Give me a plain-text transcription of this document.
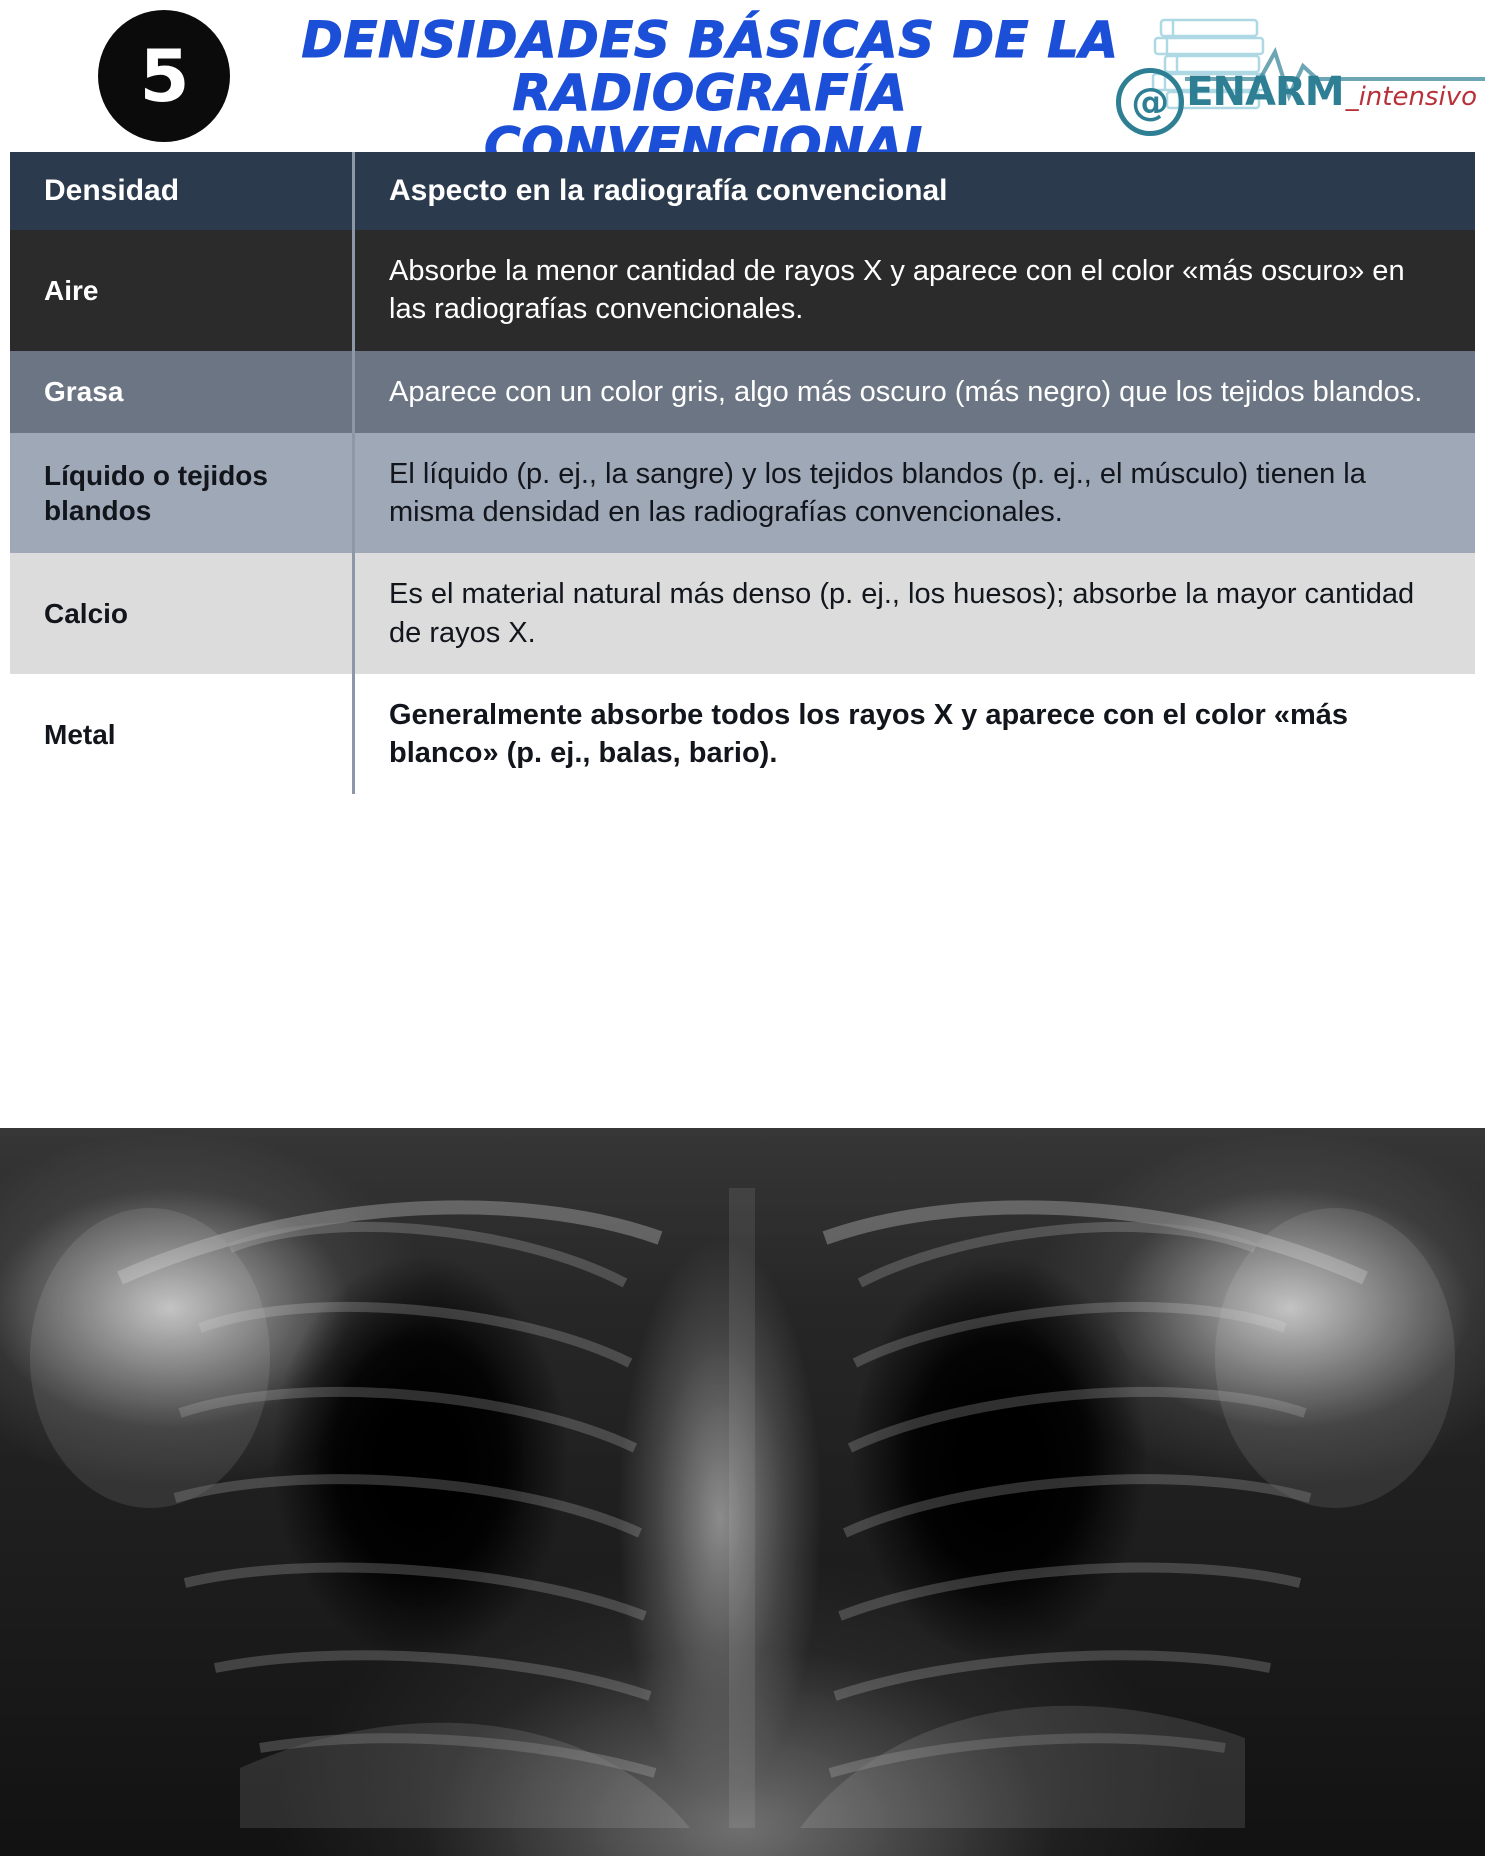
5	DENSIDADES BÁSICAS DE LA
RADIOGRAFÍA CONVENCIONAL
@ ENARM _intensivo
Densidad	Aspecto en la radiografía convencional
Aire	Absorbe la menor cantidad de rayos X y aparece con el color «más oscuro» en las radiografías convencionales.
Grasa	Aparece con un color gris, algo más oscuro (más negro) que los tejidos blandos.
Líquido o tejidos blandos	El líquido (p. ej., la sangre) y los tejidos blandos (p. ej., el músculo) tienen la misma densidad en las radiografías convencionales.
Calcio	Es el material natural más denso (p. ej., los huesos); absorbe la mayor cantidad de rayos X.
Metal	Generalmente absorbe todos los rayos X y aparece con el color «más blanco» (p. ej., balas, bario).
